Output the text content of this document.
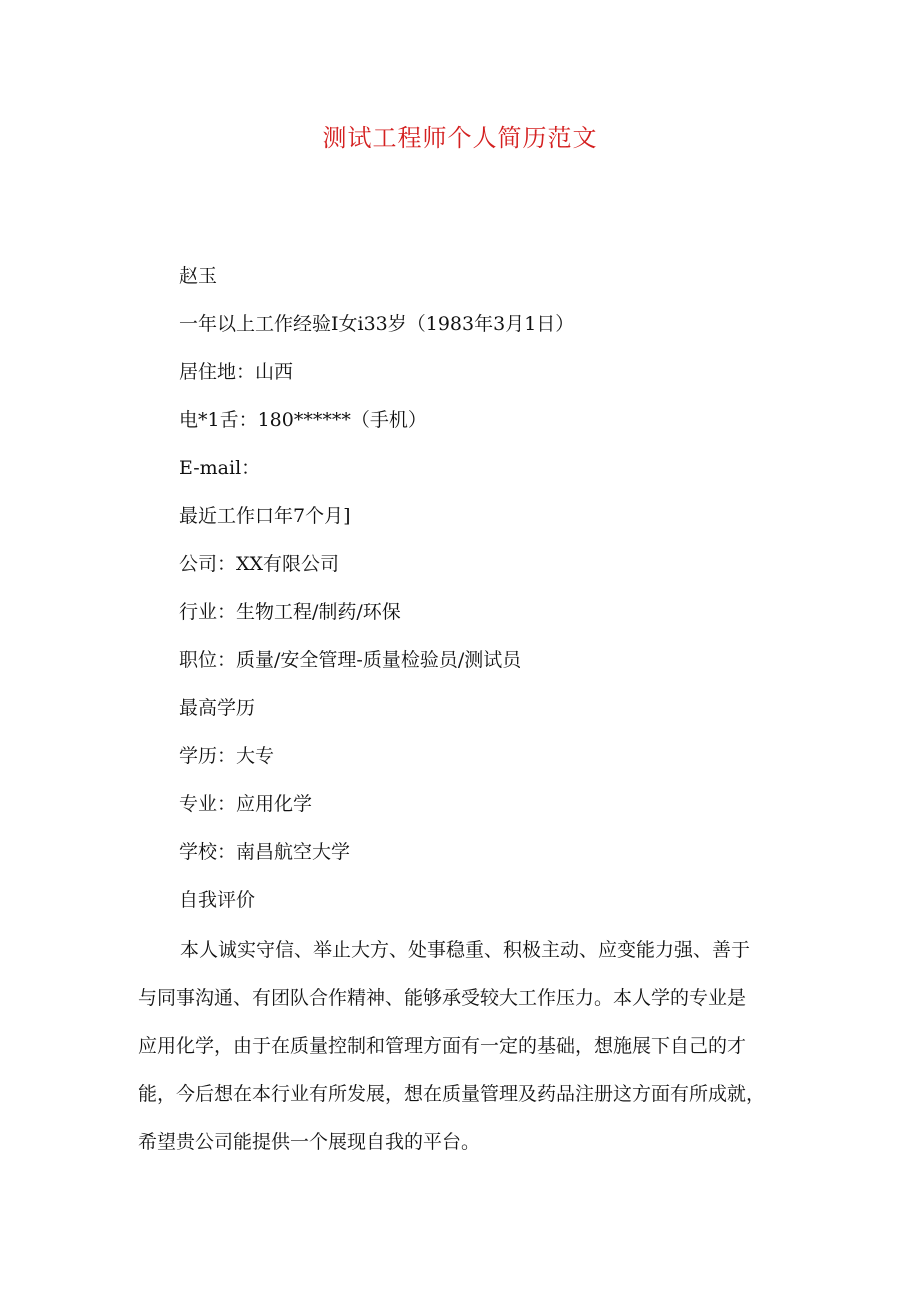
测试工程师个人简历范文
赵玉
一年以上工作经验I女i33岁（1983年3月1日）
居住地：山西
电*1舌：180******（手机）
E-mail：
最近工作口年7个月]
公司：XX有限公司
行业：生物工程/制药/环保
职位：质量/安全管理-质量检验员/测试员
最高学历
学历：大专
专业：应用化学
学校：南昌航空大学
自我评价
本人诚实守信、举止大方、处事稳重、积极主动、应变能力强、善于
与同事沟通、有团队合作精神、能够承受较大工作压力。本人学的专业是
应用化学，由于在质量控制和管理方面有一定的基础，想施展下自己的才
能，今后想在本行业有所发展，想在质量管理及药品注册这方面有所成就，
希望贵公司能提供一个展现自我的平台。
